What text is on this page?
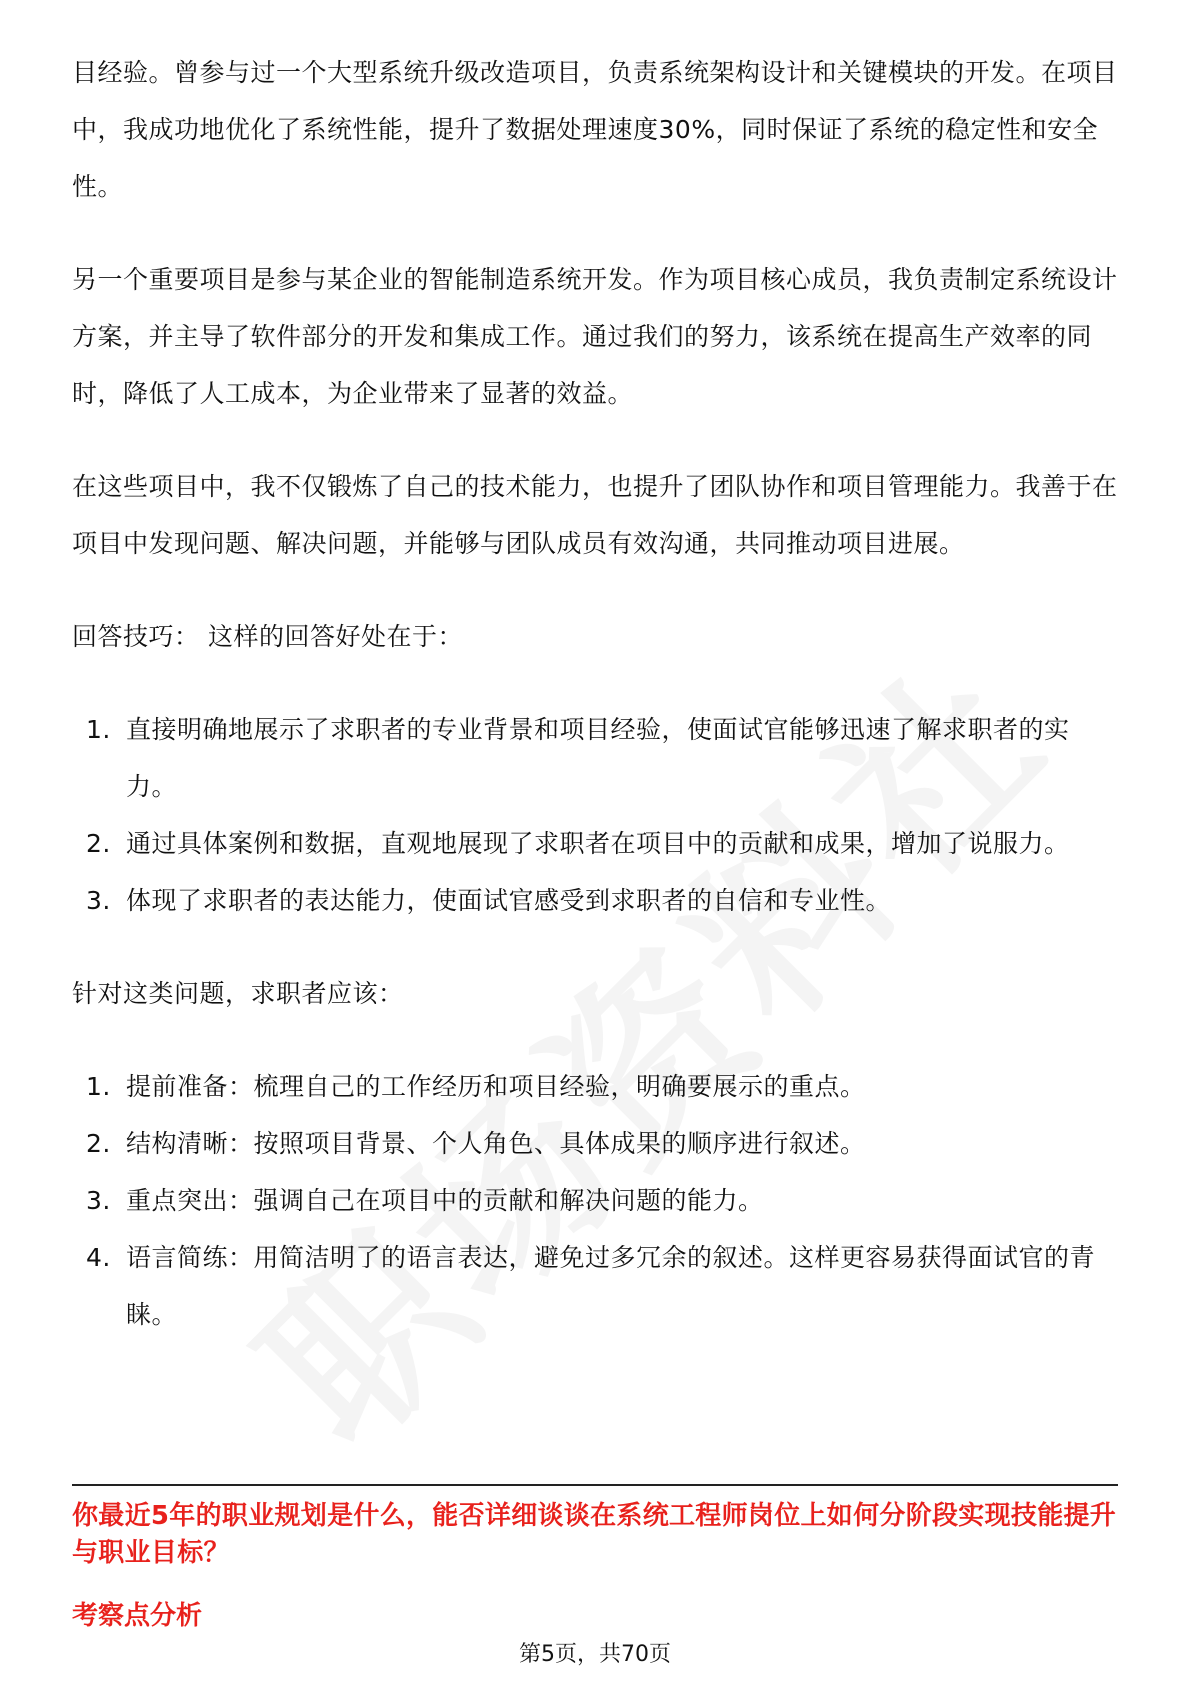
目经验。曾参与过一个大型系统升级改造项目，负责系统架构设计和关键模块的开发。在项目中，我成功地优化了系统性能，提升了数据处理速度30%，同时保证了系统的稳定性和安全性。

另一个重要项目是参与某企业的智能制造系统开发。作为项目核心成员，我负责制定系统设计方案，并主导了软件部分的开发和集成工作。通过我们的努力，该系统在提高生产效率的同时，降低了人工成本，为企业带来了显著的效益。

在这些项目中，我不仅锻炼了自己的技术能力，也提升了团队协作和项目管理能力。我善于在项目中发现问题、解决问题，并能够与团队成员有效沟通，共同推动项目进展。

回答技巧： 这样的回答好处在于：

1. 直接明确地展示了求职者的专业背景和项目经验，使面试官能够迅速了解求职者的实力。
2. 通过具体案例和数据，直观地展现了求职者在项目中的贡献和成果，增加了说服力。
3. 体现了求职者的表达能力，使面试官感受到求职者的自信和专业性。

针对这类问题，求职者应该：

1. 提前准备：梳理自己的工作经历和项目经验，明确要展示的重点。
2. 结构清晰：按照项目背景、个人角色、具体成果的顺序进行叙述。
3. 重点突出：强调自己在项目中的贡献和解决问题的能力。
4. 语言简练：用简洁明了的语言表达，避免过多冗余的叙述。这样更容易获得面试官的青睐。
你最近5年的职业规划是什么，能否详细谈谈在系统工程师岗位上如何分阶段实现技能提升与职业目标？
考察点分析
第5页，共70页
